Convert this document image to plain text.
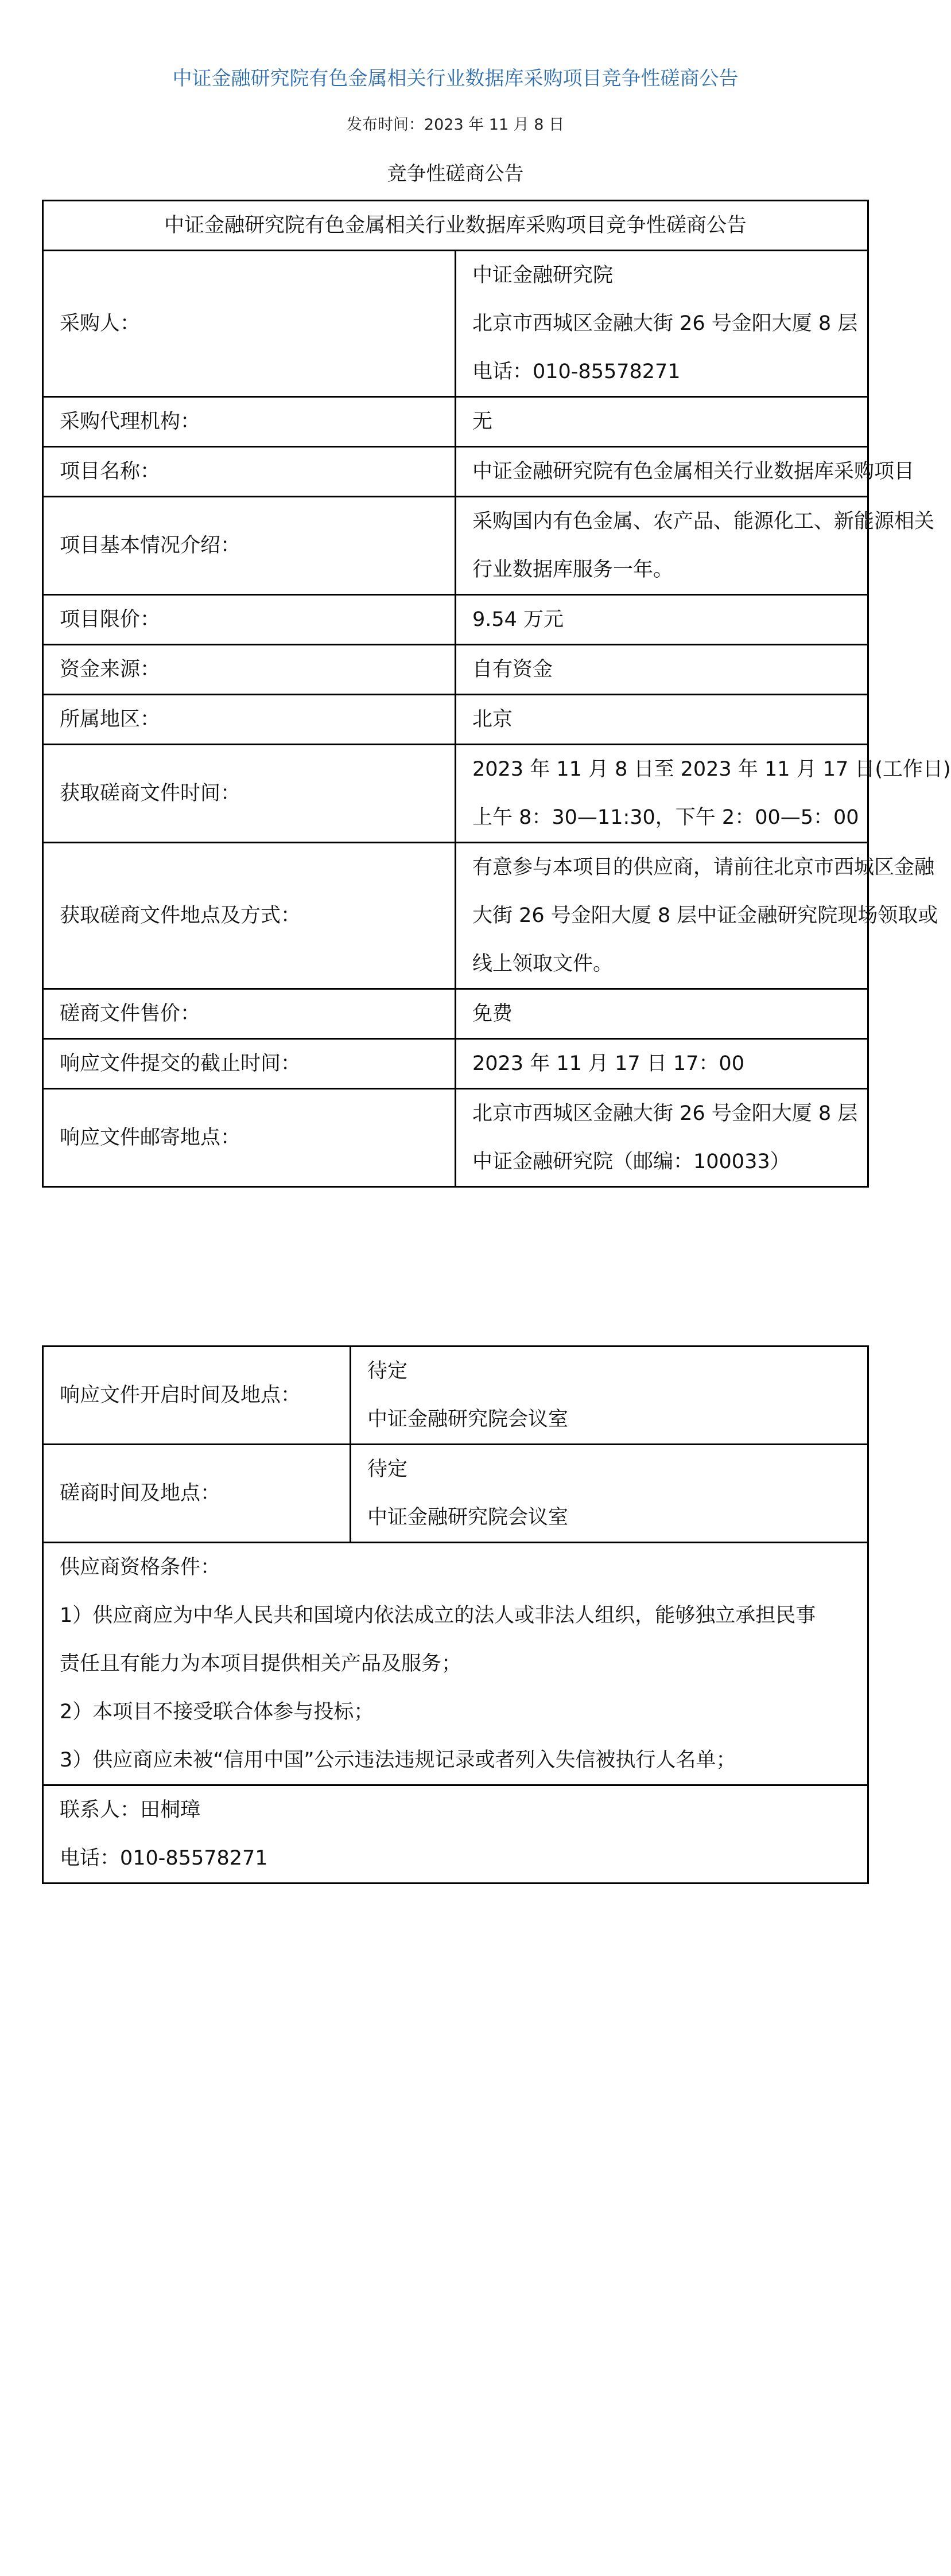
中证金融研究院有色金属相关行业数据库采购项目竞争性磋商公告
发布时间：2023 年 11 月 8 日
竞争性磋商公告
中证金融研究院有色金属相关行业数据库采购项目竞争性磋商公告	
采购人：	中证金融研究院
北京市西城区金融大街 26 号金阳大厦 8 层
电话：010-85578271

采购代理机构：	无

项目名称：	中证金融研究院有色金属相关行业数据库采购项目

项目基本情况介绍：	采购国内有色金属、农产品、能源化工、新能源相关
行业数据库服务一年。

项目限价：	9.54 万元

资金来源：	自有资金

所属地区：	北京

获取磋商文件时间：	2023 年 11 月 8 日至 2023 年 11 月 17 日(工作日)
上午 8：30—11:30，下午 2：00—5：00

获取磋商文件地点及方式：	有意参与本项目的供应商，请前往北京市西城区金融
大街 26 号金阳大厦 8 层中证金融研究院现场领取或
线上领取文件。

磋商文件售价：	免费

响应文件提交的截止时间：	2023 年 11 月 17 日 17：00

响应文件邮寄地点：	北京市西城区金融大街 26 号金阳大厦 8 层
中证金融研究院（邮编：100033）
响应文件开启时间及地点：	待定
中证金融研究院会议室

磋商时间及地点：	待定
中证金融研究院会议室

供应商资格条件：
1）供应商应为中华人民共和国境内依法成立的法人或非法人组织，能够独立承担民事
责任且有能力为本项目提供相关产品及服务；
2）本项目不接受联合体参与投标；
3）供应商应未被“信用中国”公示违法违规记录或者列入失信被执行人名单；	

联系人：田桐璋
电话：010-85578271	
